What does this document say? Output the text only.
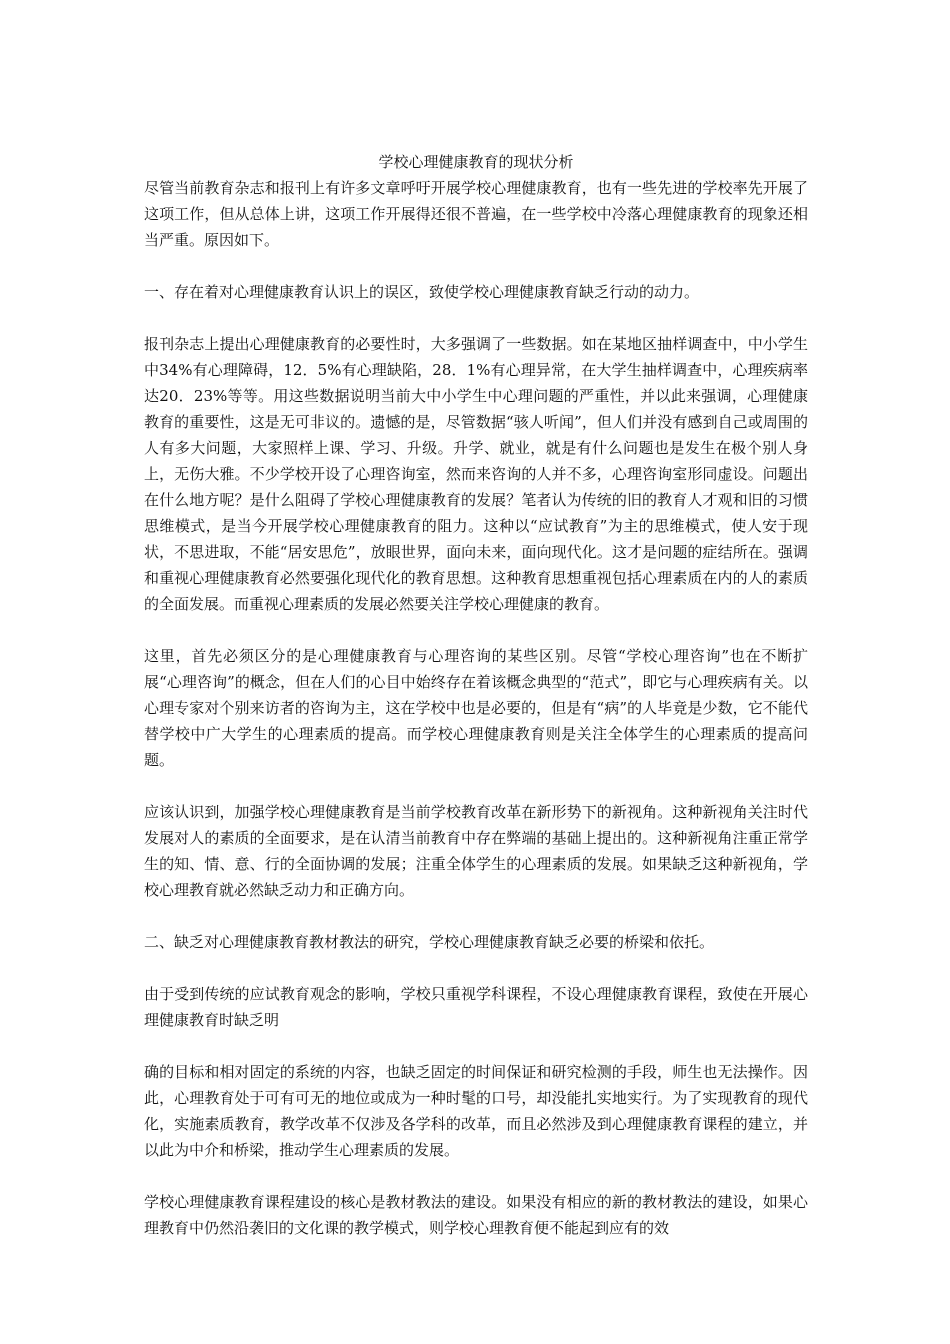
学校心理健康教育的现状分析

尽管当前教育杂志和报刊上有许多文章呼吁开展学校心理健康教育，也有一些先进的学校率先开展了这项工作，但从总体上讲，这项工作开展得还很不普遍，在一些学校中冷落心理健康教育的现象还相当严重。原因如下。

一、存在着对心理健康教育认识上的误区，致使学校心理健康教育缺乏行动的动力。

报刊杂志上提出心理健康教育的必要性时，大多强调了一些数据。如在某地区抽样调查中，中小学生中34%有心理障碍，12．5%有心理缺陷，28．1%有心理异常，在大学生抽样调查中，心理疾病率达20．23%等等。用这些数据说明当前大中小学生中心理问题的严重性，并以此来强调，心理健康教育的重要性，这是无可非议的。遗憾的是，尽管数据“骇人听闻”，但人们并没有感到自己或周围的人有多大问题，大家照样上课、学习、升级。升学、就业，就是有什么问题也是发生在极个别人身上，无伤大雅。不少学校开设了心理咨询室，然而来咨询的人并不多，心理咨询室形同虚设。问题出在什么地方呢？是什么阻碍了学校心理健康教育的发展？笔者认为传统的旧的教育人才观和旧的习惯思维模式，是当今开展学校心理健康教育的阻力。这种以“应试教育”为主的思维模式，使人安于现状，不思进取，不能“居安思危”，放眼世界，面向未来，面向现代化。这才是问题的症结所在。强调和重视心理健康教育必然要强化现代化的教育思想。这种教育思想重视包括心理素质在内的人的素质的全面发展。而重视心理素质的发展必然要关注学校心理健康的教育。

这里，首先必须区分的是心理健康教育与心理咨询的某些区别。尽管“学校心理咨询”也在不断扩展“心理咨询”的概念，但在人们的心目中始终存在着该概念典型的“范式”，即它与心理疾病有关。以心理专家对个别来访者的咨询为主，这在学校中也是必要的，但是有“病”的人毕竟是少数，它不能代替学校中广大学生的心理素质的提高。而学校心理健康教育则是关注全体学生的心理素质的提高问题。

应该认识到，加强学校心理健康教育是当前学校教育改革在新形势下的新视角。这种新视角关注时代发展对人的素质的全面要求，是在认清当前教育中存在弊端的基础上提出的。这种新视角注重正常学生的知、情、意、行的全面协调的发展；注重全体学生的心理素质的发展。如果缺乏这种新视角，学校心理教育就必然缺乏动力和正确方向。

二、缺乏对心理健康教育教材教法的研究，学校心理健康教育缺乏必要的桥梁和依托。

由于受到传统的应试教育观念的影响，学校只重视学科课程，不设心理健康教育课程，致使在开展心理健康教育时缺乏明

确的目标和相对固定的系统的内容，也缺乏固定的时间保证和研究检测的手段，师生也无法操作。因此，心理教育处于可有可无的地位或成为一种时髦的口号，却没能扎实地实行。为了实现教育的现代化，实施素质教育，教学改革不仅涉及各学科的改革，而且必然涉及到心理健康教育课程的建立，并以此为中介和桥梁，推动学生心理素质的发展。

学校心理健康教育课程建设的核心是教材教法的建设。如果没有相应的新的教材教法的建设，如果心理教育中仍然沿袭旧的文化课的教学模式，则学校心理教育便不能起到应有的效
